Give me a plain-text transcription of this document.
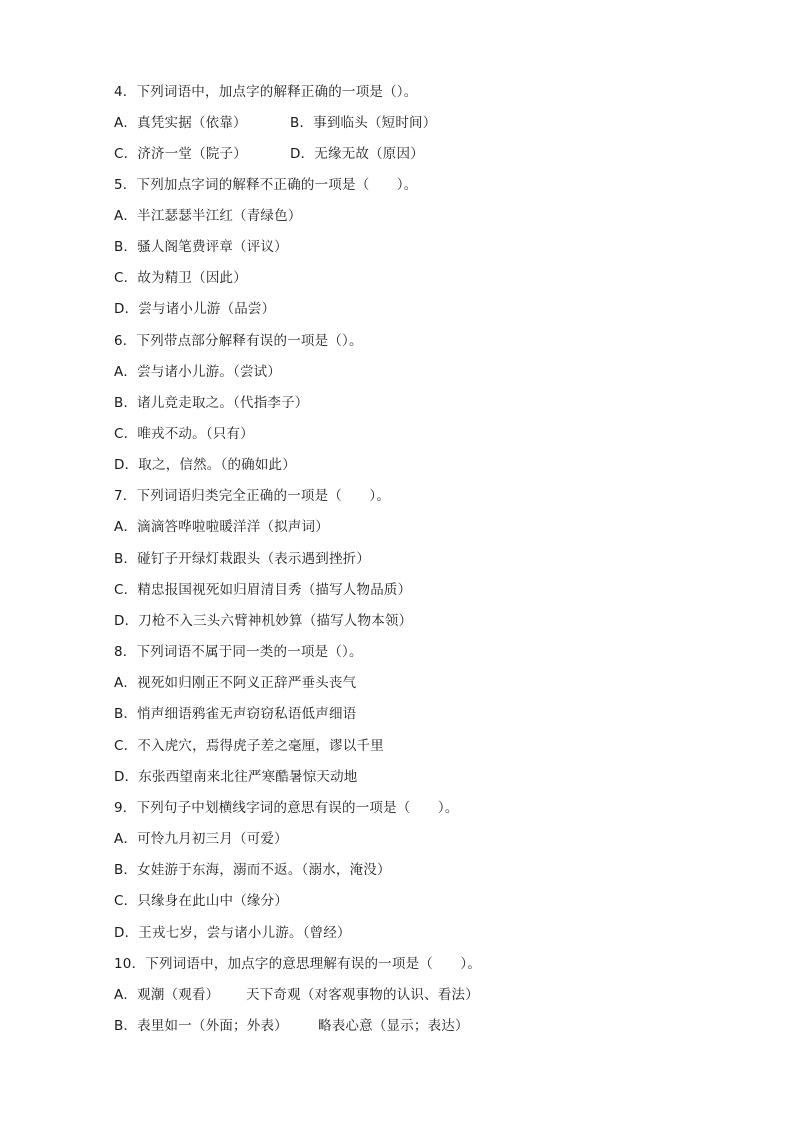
4．下列词语中，加点字的解释正确的一项是（）。
A．真凭实据（依靠）	B．事到临头（短时间）
C．济济一堂（院子）	D．无缘无故（原因）
5．下列加点字词的解释不正确的一项是（　　）。
A．半江瑟瑟半江红（青绿色）
B．骚人阁笔费评章（评议）
C．故为精卫（因此）
D．尝与诸小儿游（品尝）
6．下列带点部分解释有误的一项是（）。
A．尝与诸小儿游。（尝试）
B．诸儿竞走取之。（代指李子）
C．唯戎不动。（只有）
D．取之，信然。（的确如此）
7．下列词语归类完全正确的一项是（　　）。
A．滴滴答哗啦啦暖洋洋（拟声词）
B．碰钉子开绿灯栽跟头（表示遇到挫折）
C．精忠报国视死如归眉清目秀（描写人物品质）
D．刀枪不入三头六臂神机妙算（描写人物本领）
8．下列词语不属于同一类的一项是（）。
A．视死如归刚正不阿义正辞严垂头丧气
B．悄声细语鸦雀无声窃窃私语低声细语
C．不入虎穴，焉得虎子差之毫厘，谬以千里
D．东张西望南来北往严寒酷暑惊天动地
9．下列句子中划横线字词的意思有误的一项是（　　）。
A．可怜九月初三月（可爱）
B．女娃游于东海，溺而不返。（溺水，淹没）
C．只缘身在此山中（缘分）
D．王戎七岁，尝与诸小儿游。（曾经）
10．下列词语中，加点字的意思理解有误的一项是（　　）。
A．观潮（观看） 天下奇观（对客观事物的认识、看法）
B．表里如一（外面；外表） 略表心意（显示；表达）
